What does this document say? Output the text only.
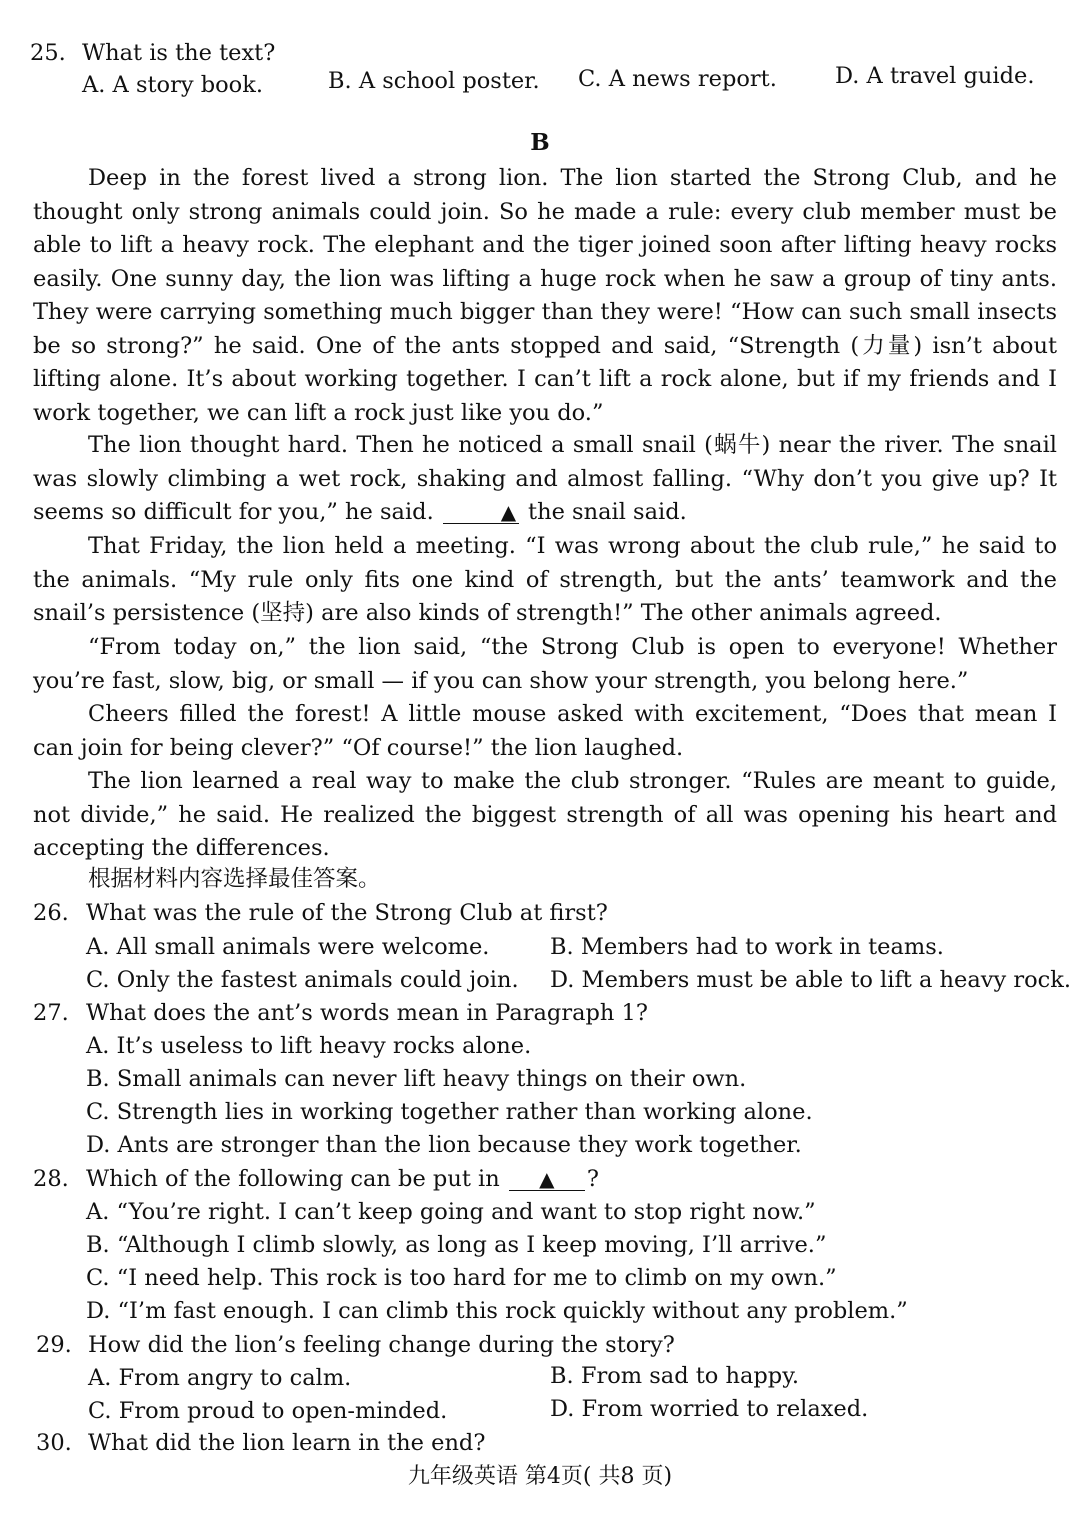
25. What is the text?
A. A story book.	B. A school poster. C. A news report.	D. A travel guide.
B
Deep in the forest lived a strong lion. The lion started the Strong Club, and he thought only strong animals could join. So he made a rule: every club member must be able to lift a heavy rock. The elephant and the tiger joined soon after lifting heavy rocks easily. One sunny day, the lion was lifting a huge rock when he saw a group of tiny ants. They were carrying something much bigger than they were! “How can such small insects be so strong?” he said. One of the ants stopped and said, “Strength (力量) isn’t about lifting alone. It’s about working together. I can’t lift a rock alone, but if my friends and I work together, we can lift a rock just like you do.”
The lion thought hard. Then he noticed a small snail (蜗牛) near the river. The snail was slowly climbing a wet rock, shaking and almost falling. “Why don’t you give up? It seems so difficult for you,” he said.	▲ the snail said.
That Friday, the lion held a meeting. “I was wrong about the club rule,” he said to the animals. “My rule only fits one kind of strength, but the ants’ teamwork and the snail’s persistence (坚持) are also kinds of strength!” The other animals agreed.
“From today on,” the lion said, “the Strong Club is open to everyone! Whether you’re fast, slow, big, or small — if you can show your strength, you belong here.”
Cheers filled the forest! A little mouse asked with excitement, “Does that mean I can join for being clever?” “Of course!” the lion laughed.
The lion learned a real way to make the club stronger. “Rules are meant to guide, not divide,” he said. He realized the biggest strength of all was opening his heart and accepting the differences.
根据材料内容选择最佳答案。
26. What was the rule of the Strong Club at first?
A. All small animals were welcome.	B. Members had to work in teams.
C. Only the fastest animals could join. D. Members must be able to lift a heavy rock.
27. What does the ant’s words mean in Paragraph 1?
A. It’s useless to lift heavy rocks alone.
B. Small animals can never lift heavy things on their own.
C. Strength lies in working together rather than working alone.
D. Ants are stronger than the lion because they work together.
28. Which of the following can be put in ▲ ?
A. “You’re right. I can’t keep going and want to stop right now.”
B. “Although I climb slowly, as long as I keep moving, I’ll arrive.”
C. “I need help. This rock is too hard for me to climb on my own.”
D. “I’m fast enough. I can climb this rock quickly without any problem.”
29. How did the lion’s feeling change during the story?
A. From angry to calm.	B. From sad to happy.
C. From proud to open-minded.	D. From worried to relaxed.
30. What did the lion learn in the end?
九年级英语 第4页( 共8 页)
